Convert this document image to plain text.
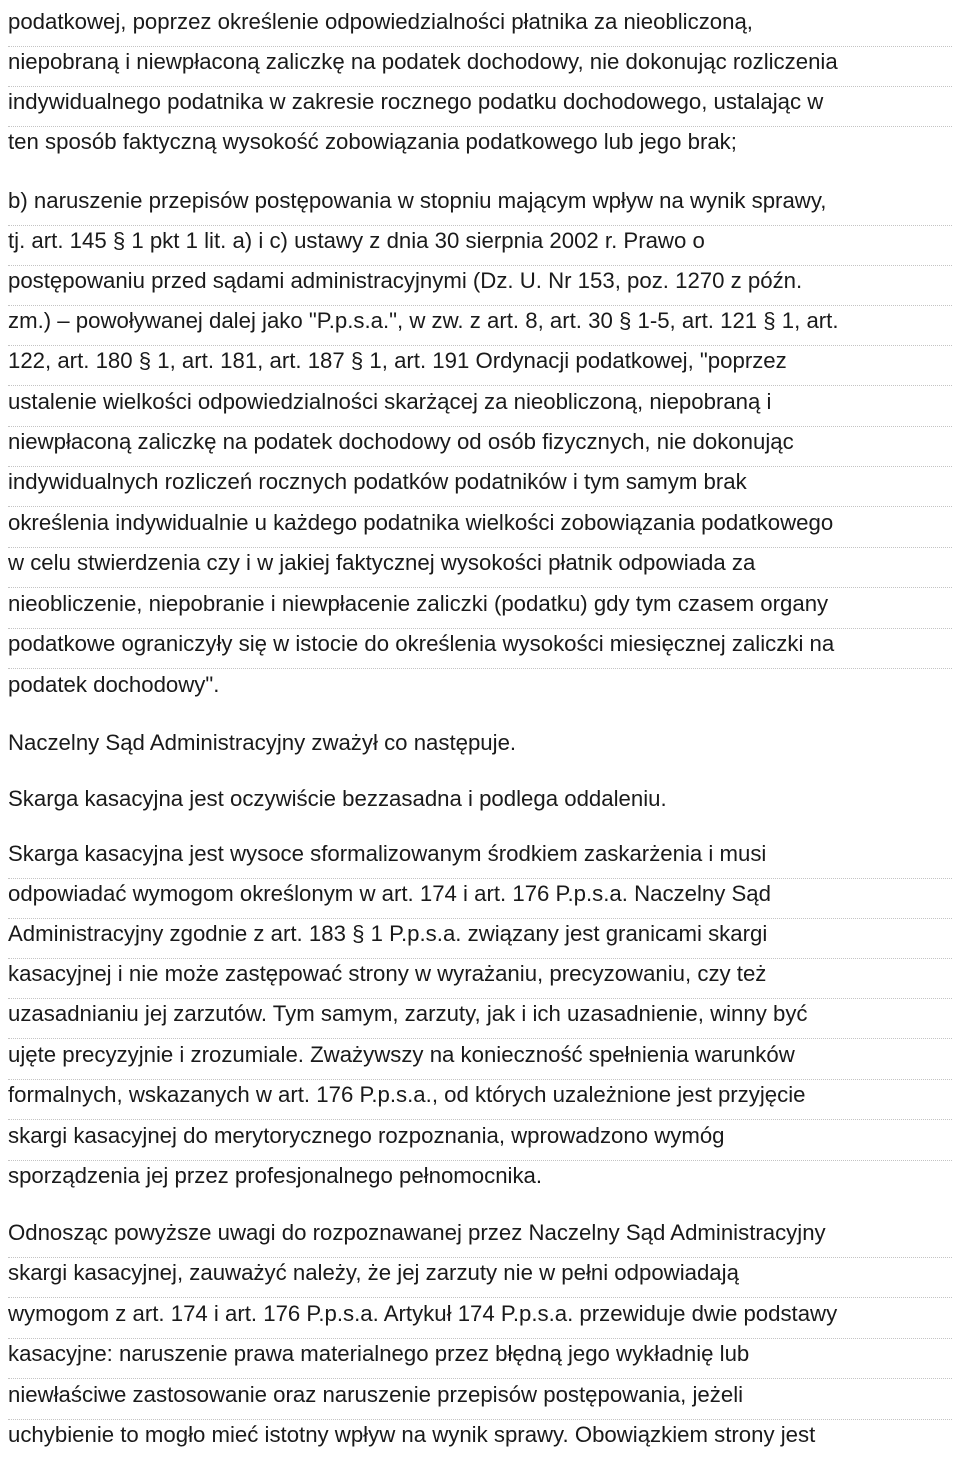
podatkowej, poprzez określenie odpowiedzialności płatnika za nieobliczoną,
niepobraną i niewpłaconą zaliczkę na podatek dochodowy, nie dokonując rozliczenia
indywidualnego podatnika w zakresie rocznego podatku dochodowego, ustalając w
ten sposób faktyczną wysokość zobowiązania podatkowego lub jego brak;
b) naruszenie przepisów postępowania w stopniu mającym wpływ na wynik sprawy,
tj. art. 145 § 1 pkt 1 lit. a) i c) ustawy z dnia 30 sierpnia 2002 r. Prawo o
postępowaniu przed sądami administracyjnymi (Dz. U. Nr 153, poz. 1270 z późn.
zm.) – powoływanej dalej jako "P.p.s.a.", w zw. z art. 8, art. 30 § 1-5, art. 121 § 1, art.
122, art. 180 § 1, art. 181, art. 187 § 1, art. 191 Ordynacji podatkowej, "poprzez
ustalenie wielkości odpowiedzialności skarżącej za nieobliczoną, niepobraną i
niewpłaconą zaliczkę na podatek dochodowy od osób fizycznych, nie dokonując
indywidualnych rozliczeń rocznych podatków podatników i tym samym brak
określenia indywidualnie u każdego podatnika wielkości zobowiązania podatkowego
w celu stwierdzenia czy i w jakiej faktycznej wysokości płatnik odpowiada za
nieobliczenie, niepobranie i niewpłacenie zaliczki (podatku) gdy tym czasem organy
podatkowe ograniczyły się w istocie do określenia wysokości miesięcznej zaliczki na
podatek dochodowy".
Naczelny Sąd Administracyjny zważył co następuje.
Skarga kasacyjna jest oczywiście bezzasadna i podlega oddaleniu.
Skarga kasacyjna jest wysoce sformalizowanym środkiem zaskarżenia i musi
odpowiadać wymogom określonym w art. 174 i art. 176 P.p.s.a. Naczelny Sąd
Administracyjny zgodnie z art. 183 § 1 P.p.s.a. związany jest granicami skargi
kasacyjnej i nie może zastępować strony w wyrażaniu, precyzowaniu, czy też
uzasadnianiu jej zarzutów. Tym samym, zarzuty, jak i ich uzasadnienie, winny być
ujęte precyzyjnie i zrozumiale. Zważywszy na konieczność spełnienia warunków
formalnych, wskazanych w art. 176 P.p.s.a., od których uzależnione jest przyjęcie
skargi kasacyjnej do merytorycznego rozpoznania, wprowadzono wymóg
sporządzenia jej przez profesjonalnego pełnomocnika.
Odnosząc powyższe uwagi do rozpoznawanej przez Naczelny Sąd Administracyjny
skargi kasacyjnej, zauważyć należy, że jej zarzuty nie w pełni odpowiadają
wymogom z art. 174 i art. 176 P.p.s.a. Artykuł 174 P.p.s.a. przewiduje dwie podstawy
kasacyjne: naruszenie prawa materialnego przez błędną jego wykładnię lub
niewłaściwe zastosowanie oraz naruszenie przepisów postępowania, jeżeli
uchybienie to mogło mieć istotny wpływ na wynik sprawy. Obowiązkiem strony jest
